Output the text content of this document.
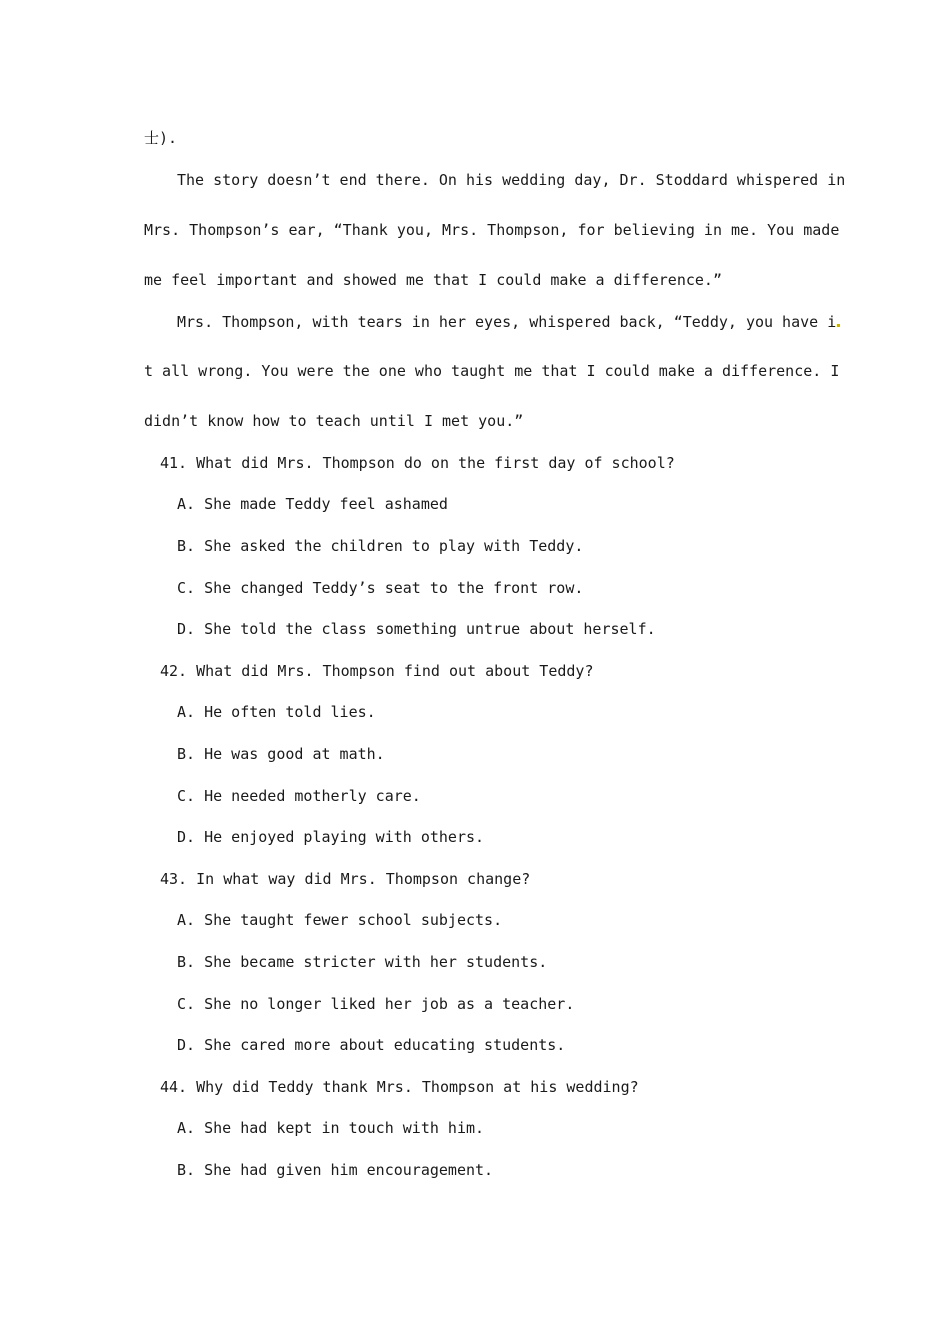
士).
The story doesn’t end there. On his wedding day, Dr. Stoddard whispered in
Mrs. Thompson’s ear, “Thank you, Mrs. Thompson, for believing in me. You made
me feel important and showed me that I could make a difference.”
Mrs. Thompson, with tears in her eyes, whispered back, “Teddy, you have i
t all wrong. You were the one who taught me that I could make a difference. I
didn’t know how to teach until I met you.”
41. What did Mrs. Thompson do on the first day of school?
A. She made Teddy feel ashamed
B. She asked the children to play with Teddy.
C. She changed Teddy’s seat to the front row.
D. She told the class something untrue about herself.
42. What did Mrs. Thompson find out about Teddy?
A. He often told lies.
B. He was good at math.
C. He needed motherly care.
D. He enjoyed playing with others.
43. In what way did Mrs. Thompson change?
A. She taught fewer school subjects.
B. She became stricter with her students.
C. She no longer liked her job as a teacher.
D. She cared more about educating students.
44. Why did Teddy thank Mrs. Thompson at his wedding?
A. She had kept in touch with him.
B. She had given him encouragement.
